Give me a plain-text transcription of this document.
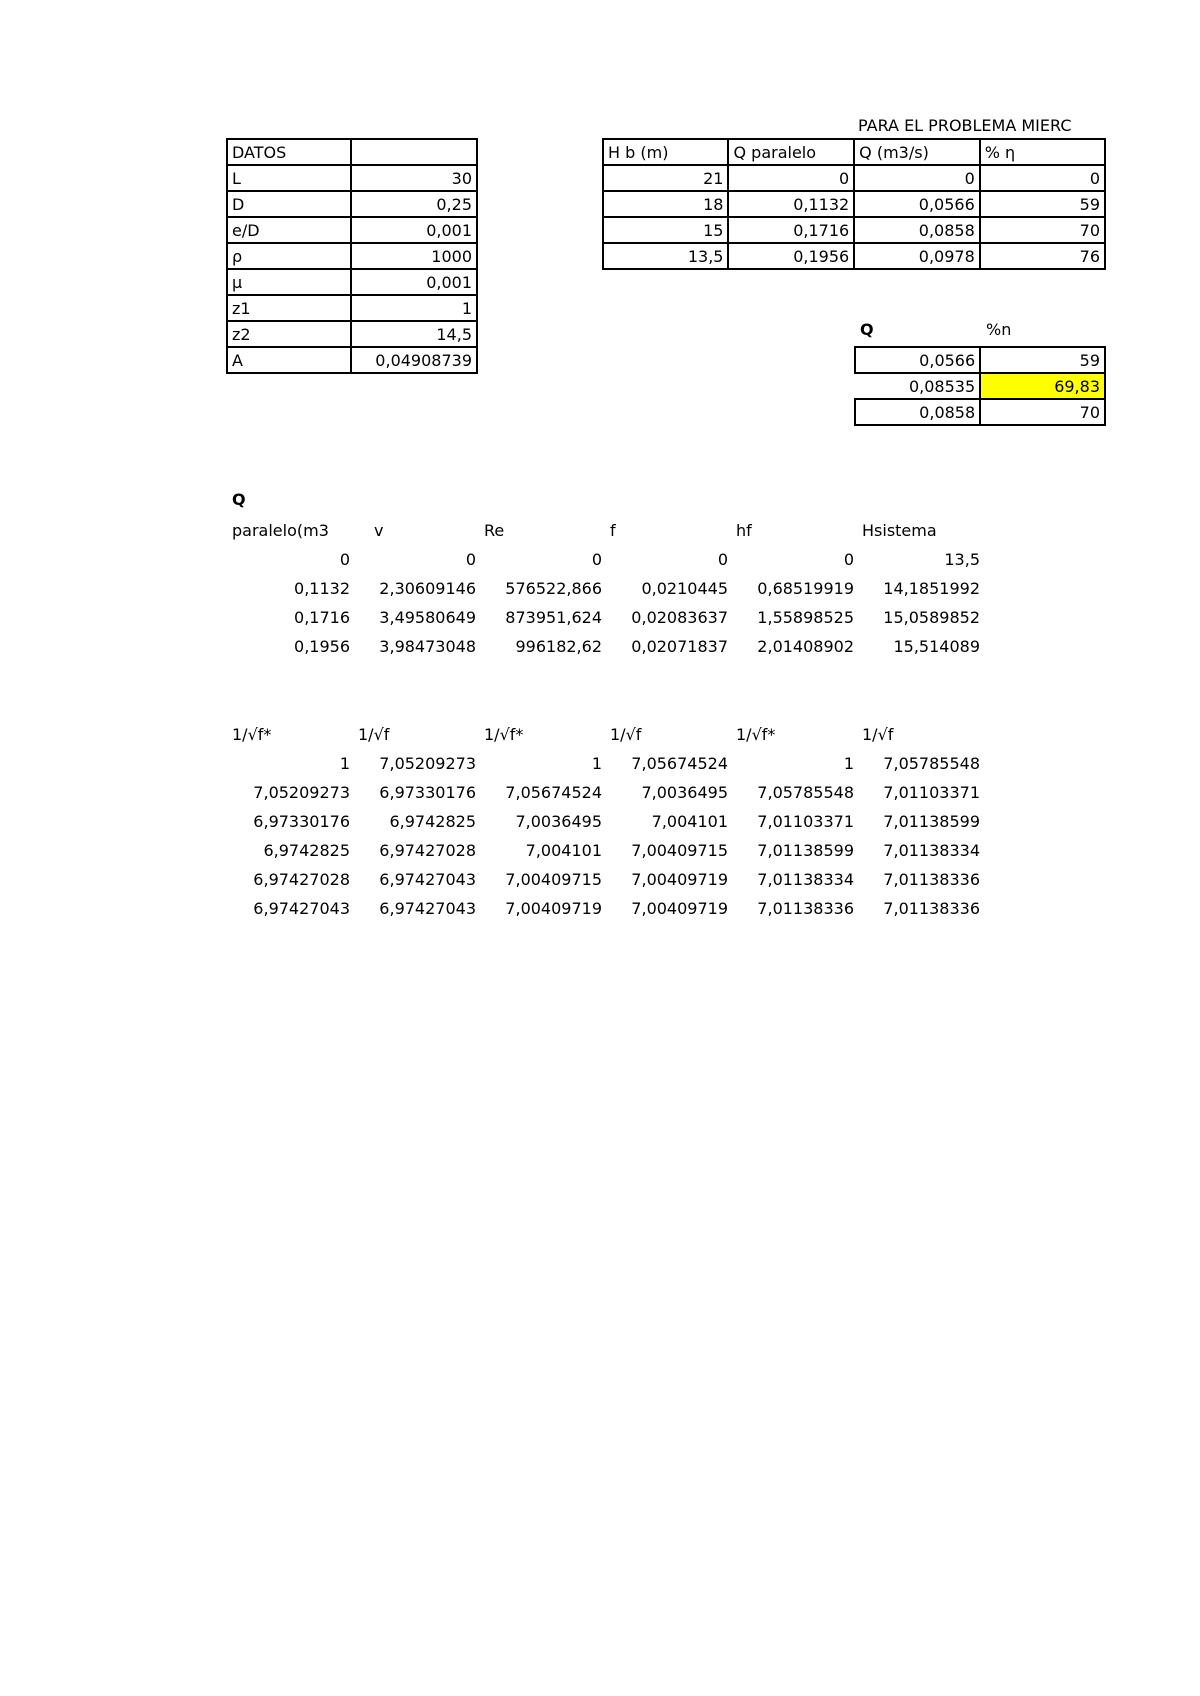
PARA EL PROBLEMA MIERC
DATOS	
L	30
D	0,25
e/D	0,001
ρ	1000
μ	0,001
z1	1
z2	14,5
A	0,04908739
H b (m)	Q paralelo	Q (m3/s)	% η
21	0	0	0
18	0,1132	0,0566	59
15	0,1716	0,0858	70
13,5	0,1956	0,0978	76
Q	%n
0,0566	59
0,08535	69,83
0,0858	70
Q
paralelo(m3	v	Re	f	hf	Hsistema
0	0	0	0	0	13,5
0,1132	2,30609146	576522,866	0,0210445	0,68519919	14,1851992
0,1716	3,49580649	873951,624	0,02083637	1,55898525	15,0589852
0,1956	3,98473048	996182,62	0,02071837	2,01408902	15,514089
1/√f*	1/√f	1/√f*	1/√f	1/√f*	1/√f
1	7,05209273	1	7,05674524	1	7,05785548
7,05209273	6,97330176	7,05674524	7,0036495	7,05785548	7,01103371
6,97330176	6,9742825	7,0036495	7,004101	7,01103371	7,01138599
6,9742825	6,97427028	7,004101	7,00409715	7,01138599	7,01138334
6,97427028	6,97427043	7,00409715	7,00409719	7,01138334	7,01138336
6,97427043	6,97427043	7,00409719	7,00409719	7,01138336	7,01138336
